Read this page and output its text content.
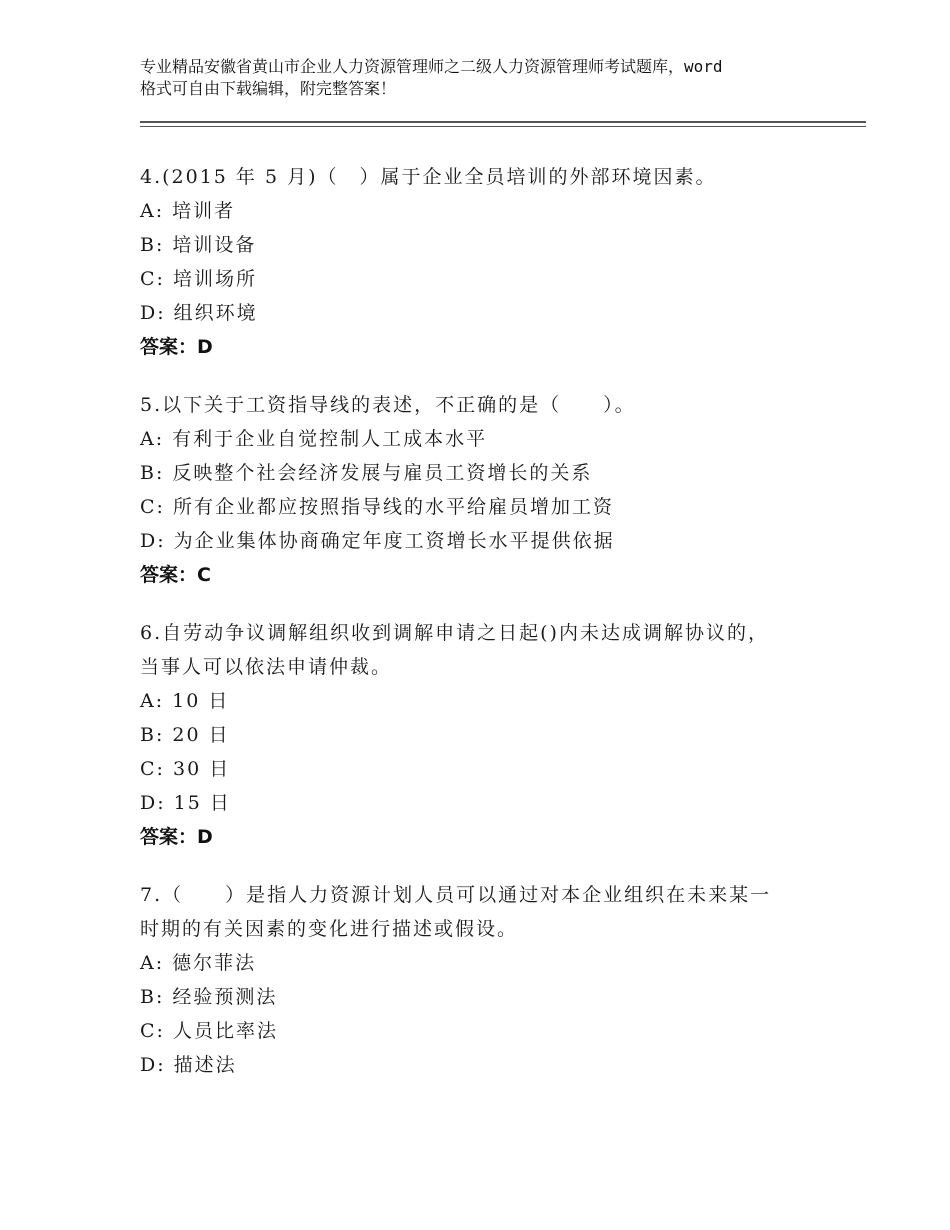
专业精品安徽省黄山市企业人力资源管理师之二级人力资源管理师考试题库，word
格式可自由下载编辑，附完整答案！
4.(2015 年 5 月)（　）属于企业全员培训的外部环境因素。
A: 培训者
B: 培训设备
C: 培训场所
D: 组织环境
答案：D
5.以下关于工资指导线的表述，不正确的是（　　）。
A: 有利于企业自觉控制人工成本水平
B: 反映整个社会经济发展与雇员工资增长的关系
C: 所有企业都应按照指导线的水平给雇员增加工资
D: 为企业集体协商确定年度工资增长水平提供依据
答案：C
6.自劳动争议调解组织收到调解申请之日起()内未达成调解协议的，
当事人可以依法申请仲裁。
A: 10 日
B: 20 日
C: 30 日
D: 15 日
答案：D
7.（　　）是指人力资源计划人员可以通过对本企业组织在未来某一
时期的有关因素的变化进行描述或假设。
A: 德尔菲法
B: 经验预测法
C: 人员比率法
D: 描述法
